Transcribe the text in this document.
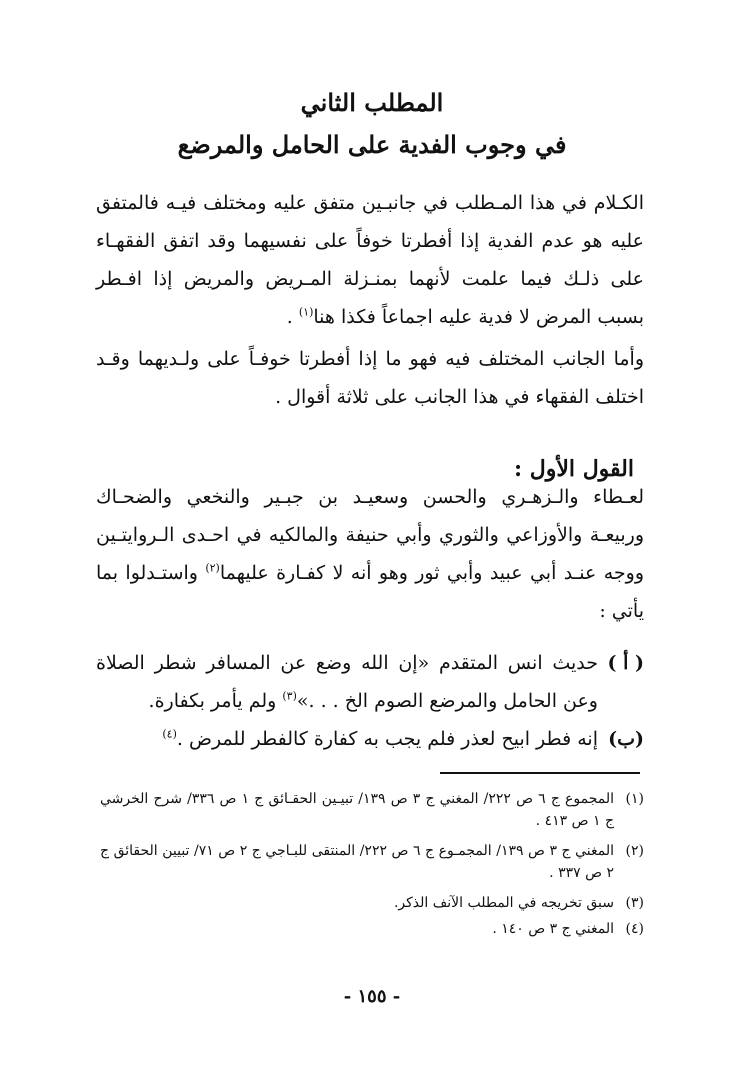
المطلب الثاني
في وجوب الفدية على الحامل والمرضع

الكـلام في هذا المـطلب في جانبـين متفق عليه ومختلف فيـه فالمتفق عليه هو عدم الفدية إذا أفطرتا خوفاً على نفسيهما وقد اتفق الفقهـاء على ذلـك فيما علمت لأنهما بمنـزلة المـريض والمريض إذا افـطر بسبب المرض لا فدية عليه اجماعاً فكذا هنا$^{(١)}$ .

وأما الجانب المختلف فيه فهو ما إذا أفطرتا خوفـاً على ولـديهما وقـد اختلف الفقهاء في هذا الجانب على ثلاثة أقوال .

القول الأول :

لعـطاء والـزهـري والحسن وسعيـد بن جبـير والنخعي والضحـاك وربيعـة والأوزاعي والثوري وأبي حنيفة والمالكيه في احـدى الـروايتـين ووجه عنـد أبي عبيد وأبي ثور وهو أنه لا كفـارة عليهما$^{(٢)}$ واستـدلوا بما يأتي :

( أ )
حديث انس المتقدم «إن الله وضع عن المسافر شطر الصلاة وعن الحامل والمرضع الصوم الخ . . .»$^{(٣)}$ ولم يأمر بكفارة.
(ب)
إنه فطر ابيح لعذر فلم يجب به كفارة كالفطر للمرض .$^{(٤)}$
(١)
المجموع ج ٦ ص ٢٢٢/ المغني ج ٣ ص ١٣٩/ تبيـين الحقـائق ج ١ ص ٣٣٦/ شرح الخرشي ج ١ ص ٤١٣ .
(٢)
المغني ج ٣ ص ١٣٩/ المجمـوع ج ٦ ص ٢٢٢/ المنتقى للبـاجي ج ٢ ص ٧١/ تبيين الحقائق ج ٢ ص ٣٣٧ .
(٣)
سبق تخريجه في المطلب الآنف الذكر.
(٤)
المغني ج ٣ ص ١٤٠ .
- ١٥٥ -
